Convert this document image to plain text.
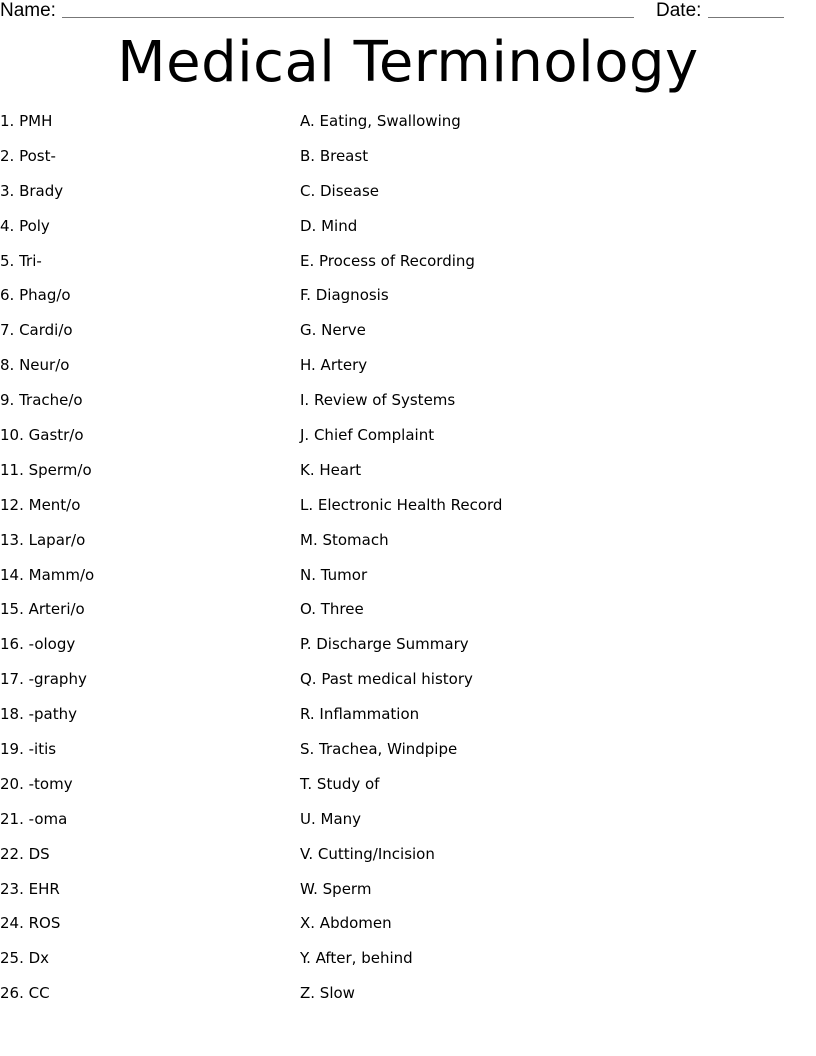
Name:	Date:
Medical Terminology
1. PMH
2. Post-
3. Brady
4. Poly
5. Tri-
6. Phag/o
7. Cardi/o
8. Neur/o
9. Trache/o
10. Gastr/o
11. Sperm/o
12. Ment/o
13. Lapar/o
14. Mamm/o
15. Arteri/o
16. -ology
17. -graphy
18. -pathy
19. -itis
20. -tomy
21. -oma
22. DS
23. EHR
24. ROS
25. Dx
26. CC
A. Eating, Swallowing
B. Breast
C. Disease
D. Mind
E. Process of Recording
F. Diagnosis
G. Nerve
H. Artery
I. Review of Systems
J. Chief Complaint
K. Heart
L. Electronic Health Record
M. Stomach
N. Tumor
O. Three
P. Discharge Summary
Q. Past medical history
R. Inflammation
S. Trachea, Windpipe
T. Study of
U. Many
V. Cutting/Incision
W. Sperm
X. Abdomen
Y. After, behind
Z. Slow
